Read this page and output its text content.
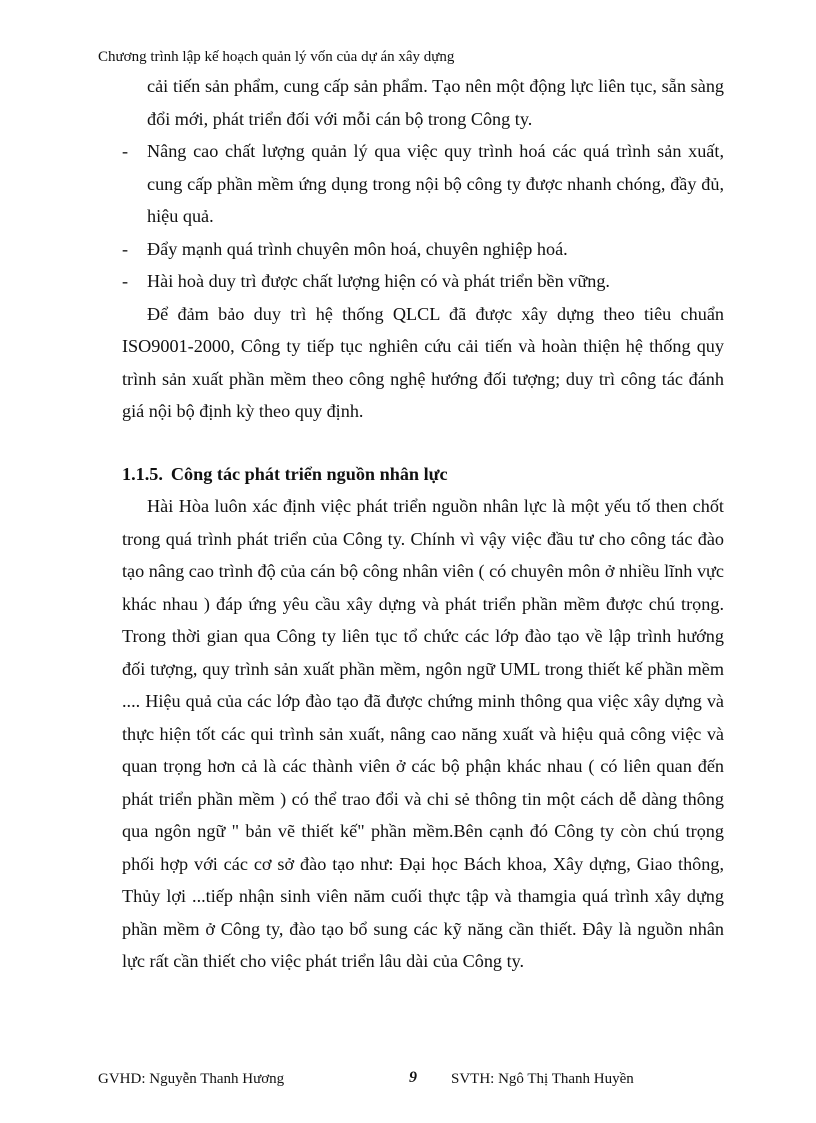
Chương trình lập kế hoạch quản lý vốn của dự án xây dựng

cải tiến sản phẩm, cung cấp sản phẩm. Tạo nên một động lực liên tục, sẵn sàng đổi mới, phát triển đối với mỗi cán bộ trong Công ty.

- Nâng cao chất lượng quản lý qua việc quy trình hoá các quá trình sản xuất, cung cấp phần mềm ứng dụng trong nội bộ công ty được nhanh chóng, đầy đủ, hiệu quả.
- Đẩy mạnh quá trình chuyên môn hoá, chuyên nghiệp hoá.
- Hài hoà duy trì được chất lượng hiện có và phát triển bền vững.

Để đảm bảo duy trì hệ thống QLCL đã được xây dựng theo tiêu chuẩn ISO9001-2000, Công ty tiếp tục nghiên cứu cải tiến và hoàn thiện hệ thống quy trình sản xuất phần mềm theo công nghệ hướng đối tượng; duy trì công tác đánh giá nội bộ định kỳ theo quy định.

1.1.5. Công tác phát triển nguồn nhân lực

Hài Hòa luôn xác định việc phát triển nguồn nhân lực là một yếu tố then chốt trong quá trình phát triển của Công ty. Chính vì vậy việc đầu tư cho công tác đào tạo nâng cao trình độ của cán bộ công nhân viên ( có chuyên môn ở nhiều lĩnh vực khác nhau ) đáp ứng yêu cầu xây dựng và phát triển phần mềm được chú trọng. Trong thời gian qua Công ty liên tục tổ chức các lớp đào tạo về lập trình hướng đối tượng, quy trình sản xuất phần mềm, ngôn ngữ UML trong thiết kế phần mềm .... Hiệu quả của các lớp đào tạo đã được chứng minh thông qua việc xây dựng và thực hiện tốt các qui trình sản xuất, nâng cao năng xuất và hiệu quả công việc và quan trọng hơn cả là các thành viên ở các bộ phận khác nhau ( có liên quan đến phát triển phần mềm ) có thể trao đổi và chi sẻ thông tin một cách dễ dàng thông qua ngôn ngữ " bản vẽ thiết kế" phần mềm.Bên cạnh đó Công ty còn chú trọng phối hợp với các cơ sở đào tạo như: Đại học Bách khoa, Xây dựng, Giao thông, Thủy lợi ...tiếp nhận sinh viên năm cuối thực tập và thamgia quá trình xây dựng phần mềm ở Công ty, đào tạo bổ sung các kỹ năng cần thiết. Đây là nguồn nhân lực rất cần thiết cho việc phát triển lâu dài của Công ty.

GVHD: Nguyễn Thanh Hương	9 SVTH: Ngô Thị Thanh Huyền
